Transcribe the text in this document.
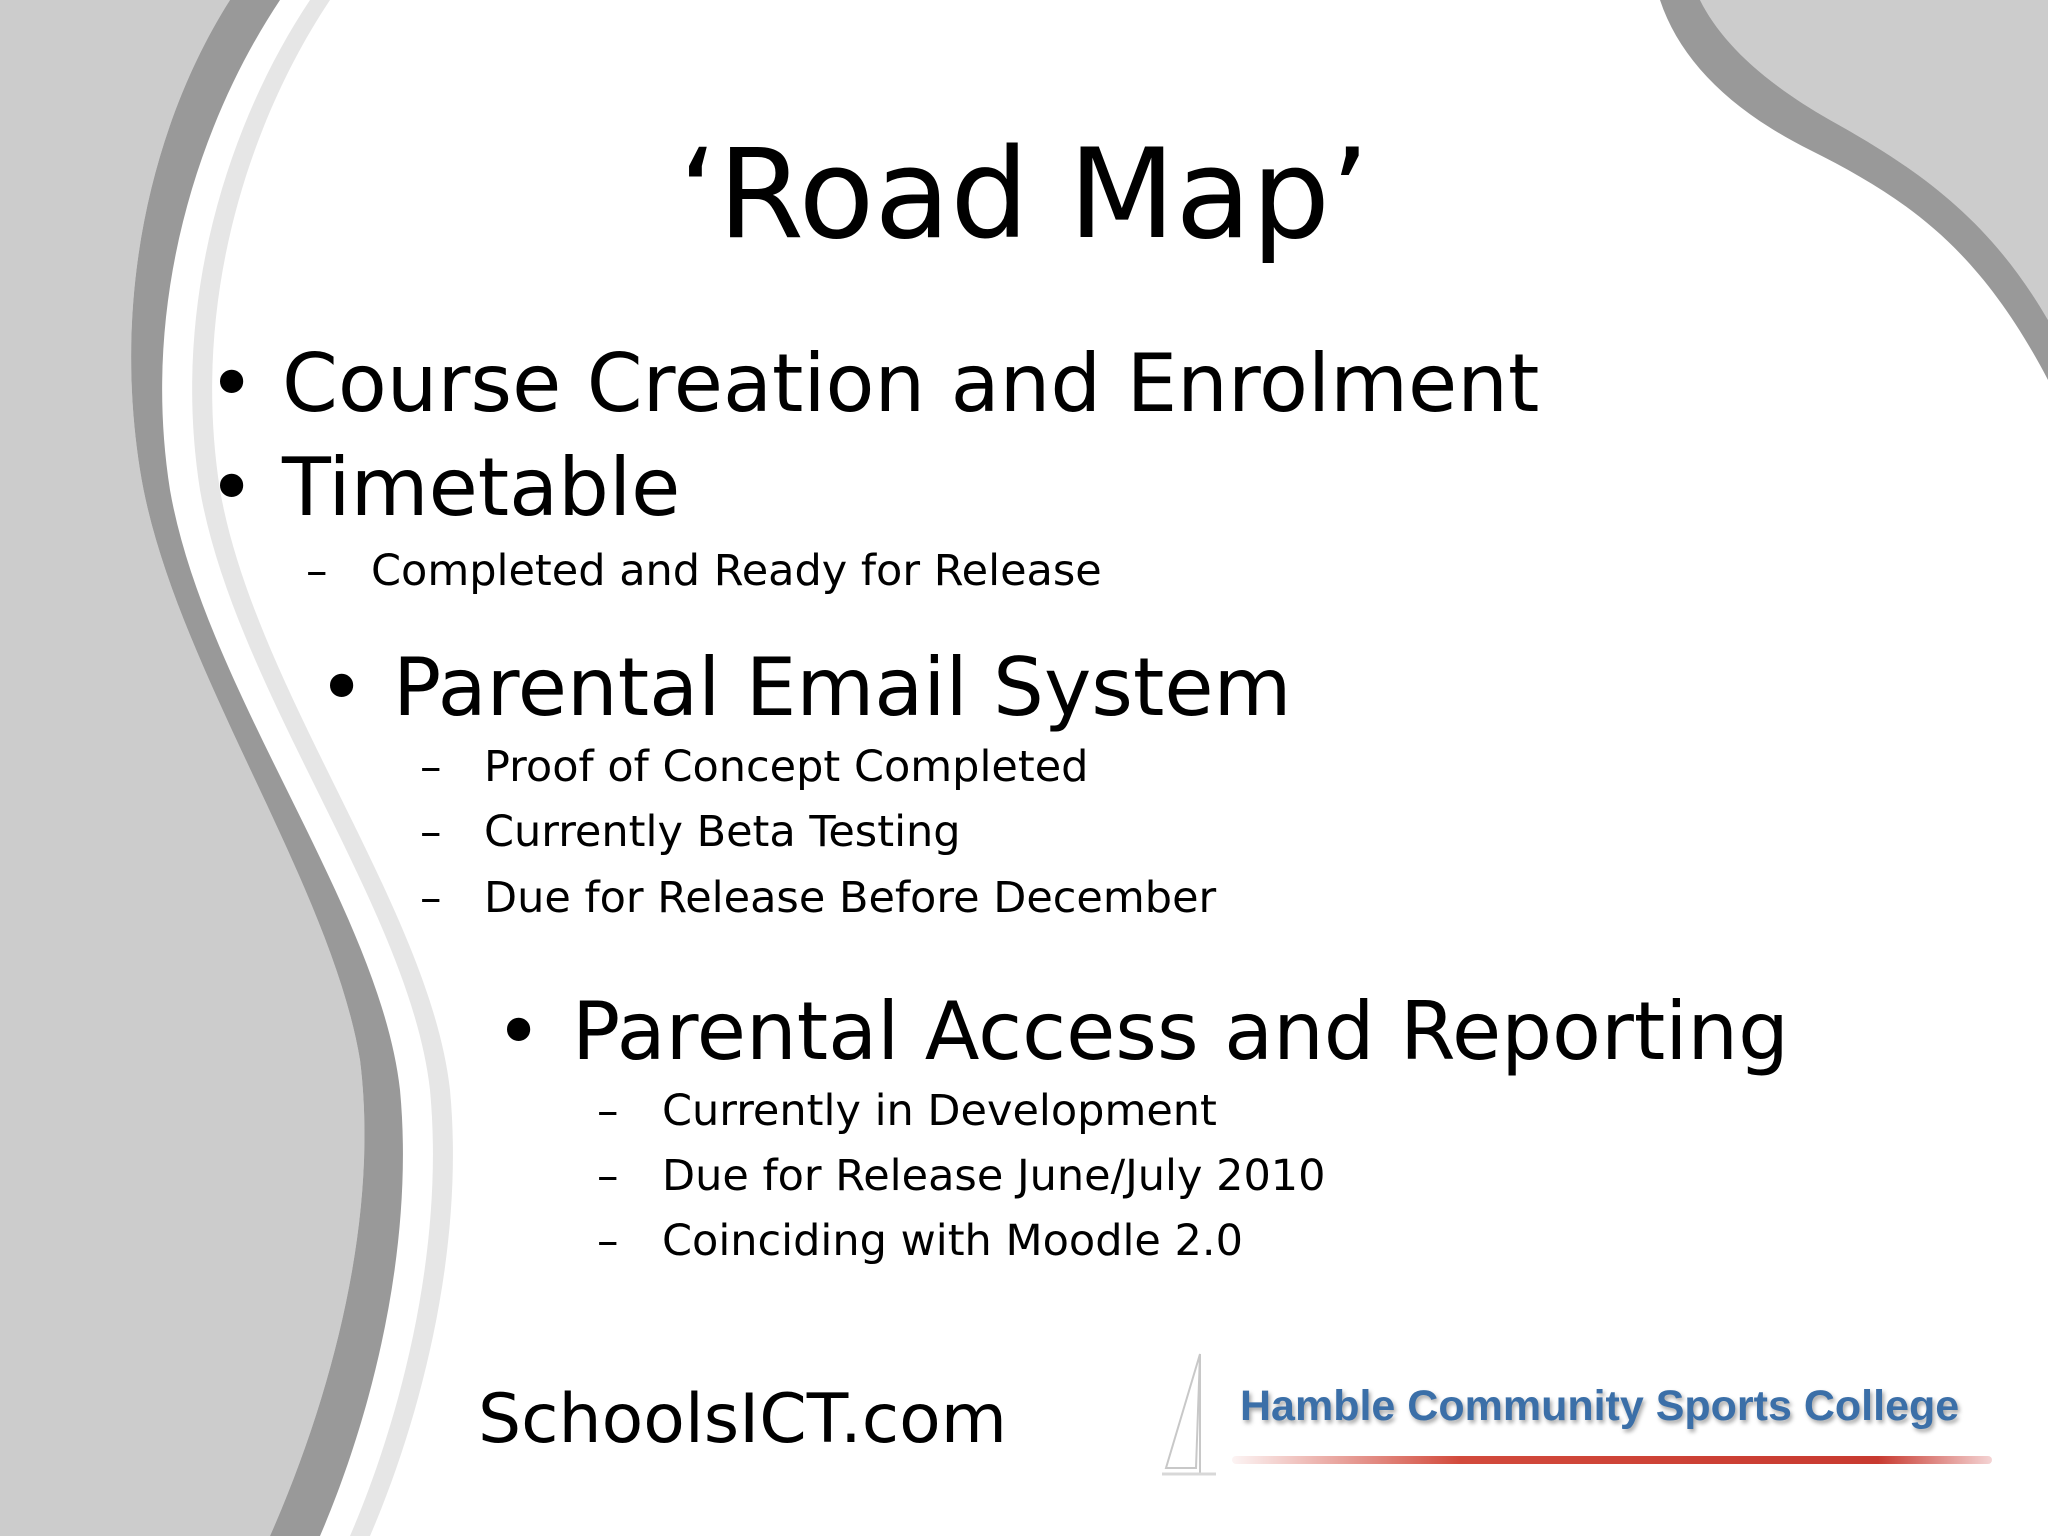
‘Road Map’
• Course Creation and Enrolment
• Timetable
– Completed and Ready for Release
• Parental Email System
– Proof of Concept Completed
– Currently Beta Testing
– Due for Release Before December
• Parental Access and Reporting
– Currently in Development
– Due for Release June/July 2010
– Coinciding with Moodle 2.0
SchoolsICT.com	Hamble Community Sports College
